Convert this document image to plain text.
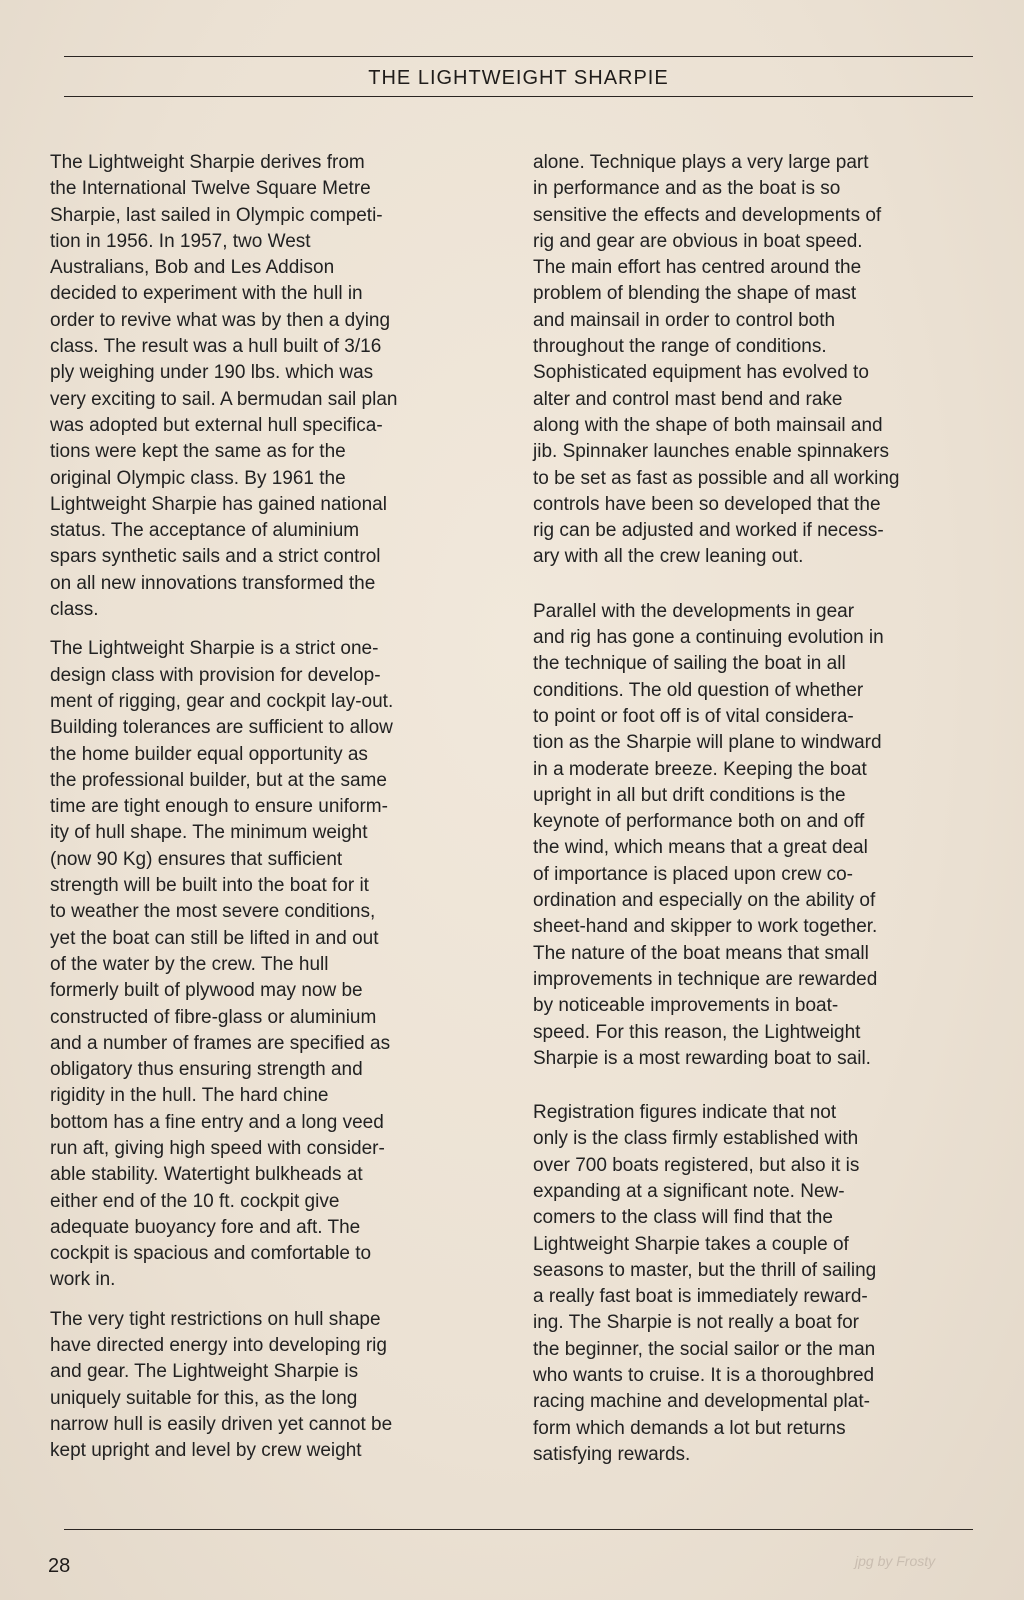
THE LIGHTWEIGHT SHARPIE

The Lightweight Sharpie derives from
the International Twelve Square Metre
Sharpie, last sailed in Olympic competi-
tion in 1956. In 1957, two West
Australians, Bob and Les Addison
decided to experiment with the hull in
order to revive what was by then a dying
class. The result was a hull built of 3/16
ply weighing under 190 lbs. which was
very exciting to sail. A bermudan sail plan
was adopted but external hull specifica-
tions were kept the same as for the
original Olympic class. By 1961 the
Lightweight Sharpie has gained national
status. The acceptance of aluminium
spars synthetic sails and a strict control
on all new innovations transformed the
class.

The Lightweight Sharpie is a strict one-
design class with provision for develop-
ment of rigging, gear and cockpit lay-out.
Building tolerances are sufficient to allow
the home builder equal opportunity as
the professional builder, but at the same
time are tight enough to ensure uniform-
ity of hull shape. The minimum weight
(now 90 Kg) ensures that sufficient
strength will be built into the boat for it
to weather the most severe conditions,
yet the boat can still be lifted in and out
of the water by the crew. The hull
formerly built of plywood may now be
constructed of fibre-glass or aluminium
and a number of frames are specified as
obligatory thus ensuring strength and
rigidity in the hull. The hard chine
bottom has a fine entry and a long veed
run aft, giving high speed with consider-
able stability. Watertight bulkheads at
either end of the 10 ft. cockpit give
adequate buoyancy fore and aft. The
cockpit is spacious and comfortable to
work in.

The very tight restrictions on hull shape
have directed energy into developing rig
and gear. The Lightweight Sharpie is
uniquely suitable for this, as the long
narrow hull is easily driven yet cannot be
kept upright and level by crew weight

alone. Technique plays a very large part
in performance and as the boat is so
sensitive the effects and developments of
rig and gear are obvious in boat speed.
The main effort has centred around the
problem of blending the shape of mast
and mainsail in order to control both
throughout the range of conditions.
Sophisticated equipment has evolved to
alter and control mast bend and rake
along with the shape of both mainsail and
jib. Spinnaker launches enable spinnakers
to be set as fast as possible and all working
controls have been so developed that the
rig can be adjusted and worked if necess-
ary with all the crew leaning out.

Parallel with the developments in gear
and rig has gone a continuing evolution in
the technique of sailing the boat in all
conditions. The old question of whether
to point or foot off is of vital considera-
tion as the Sharpie will plane to windward
in a moderate breeze. Keeping the boat
upright in all but drift conditions is the
keynote of performance both on and off
the wind, which means that a great deal
of importance is placed upon crew co-
ordination and especially on the ability of
sheet-hand and skipper to work together.
The nature of the boat means that small
improvements in technique are rewarded
by noticeable improvements in boat-
speed. For this reason, the Lightweight
Sharpie is a most rewarding boat to sail.

Registration figures indicate that not
only is the class firmly established with
over 700 boats registered, but also it is
expanding at a significant note. New-
comers to the class will find that the
Lightweight Sharpie takes a couple of
seasons to master, but the thrill of sailing
a really fast boat is immediately reward-
ing. The Sharpie is not really a boat for
the beginner, the social sailor or the man
who wants to cruise. It is a thoroughbred
racing machine and developmental plat-
form which demands a lot but returns
satisfying rewards.

28	jpg by Frosty
